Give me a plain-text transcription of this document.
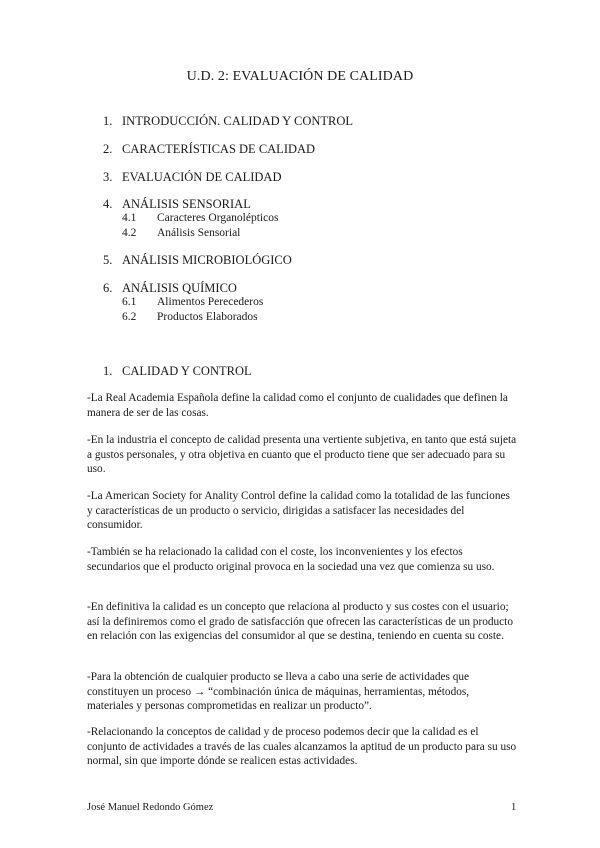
U.D. 2: EVALUACIÓN DE CALIDAD
1. INTRODUCCIÓN. CALIDAD Y CONTROL
2. CARACTERÍSTICAS DE CALIDAD
3. EVALUACIÓN DE CALIDAD
4. ANÁLISIS SENSORIAL
4.1 Caracteres Organolépticos
4.2 Análisis Sensorial
5. ANÁLISIS MICROBIOLÓGICO
6. ANÁLISIS QUÍMICO
6.1 Alimentos Perecederos
6.2 Productos Elaborados
1. CALIDAD Y CONTROL

-La Real Academia Española define la calidad como el conjunto de cualidades que definen la manera de ser de las cosas.

-En la industria el concepto de calidad presenta una vertiente subjetiva, en tanto que está sujeta a gustos personales, y otra objetiva en cuanto que el producto tiene que ser adecuado para su uso.

-La American Society for Anality Control define la calidad como la totalidad de las funciones y características de un producto o servicio, dirigidas a satisfacer las necesidades del consumidor.

-También se ha relacionado la calidad con el coste, los inconvenientes y los efectos secundarios que el producto original provoca en la sociedad una vez que comienza su uso.

-En definitiva la calidad es un concepto que relaciona al producto y sus costes con el usuario; así la definiremos como el grado de satisfacción que ofrecen las características de un producto en relación con las exigencias del consumidor al que se destina, teniendo en cuenta su coste.

-Para la obtención de cualquier producto se lleva a cabo una serie de actividades que constituyen un proceso → “combinación única de máquinas, herramientas, métodos, materiales y personas comprometidas en realizar un producto”.

-Relacionando la conceptos de calidad y de proceso podemos decir que la calidad es el conjunto de actividades a través de las cuales alcanzamos la aptitud de un producto para su uso normal, sin que importe dónde se realicen estas actividades.

José Manuel Redondo Gómez	1
